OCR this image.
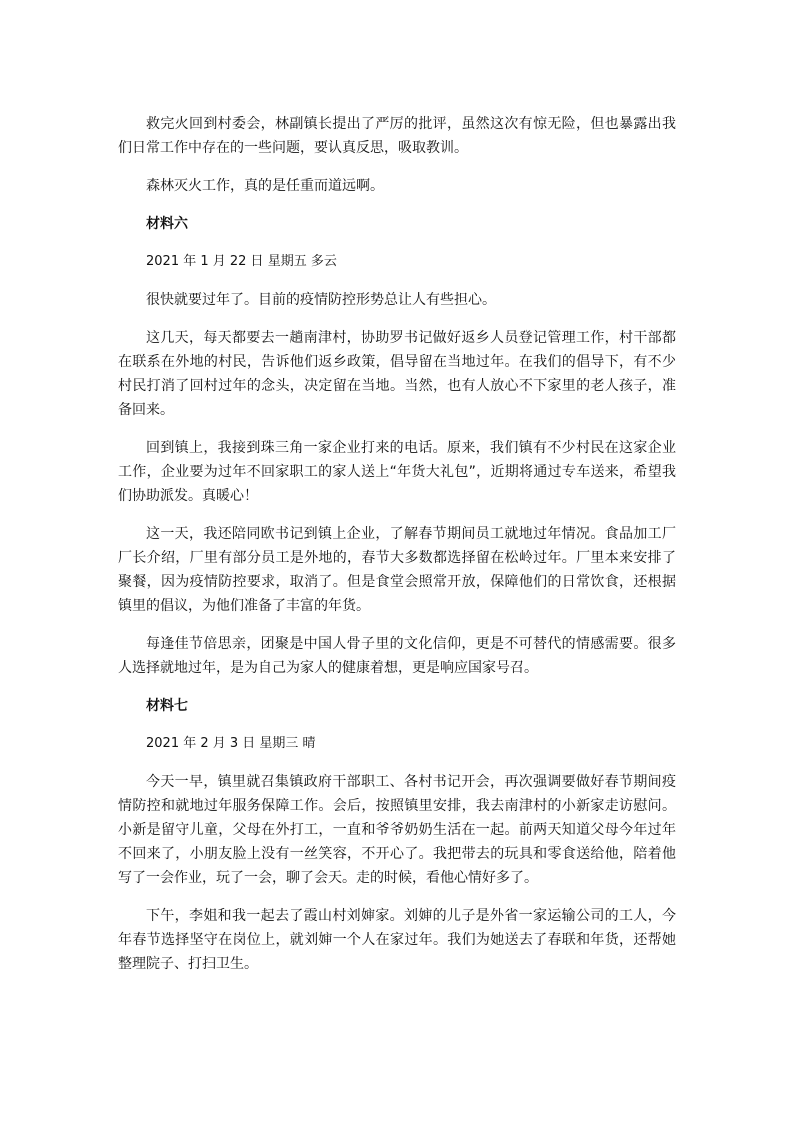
救完火回到村委会，林副镇长提出了严厉的批评，虽然这次有惊无险，但也暴露出我们日常工作中存在的一些问题，要认真反思，吸取教训。

森林灭火工作，真的是任重而道远啊。

材料六

2021 年 1 月 22 日 星期五 多云

很快就要过年了。目前的疫情防控形势总让人有些担心。

这几天，每天都要去一趟南津村，协助罗书记做好返乡人员登记管理工作，村干部都在联系在外地的村民，告诉他们返乡政策，倡导留在当地过年。在我们的倡导下，有不少村民打消了回村过年的念头，决定留在当地。当然，也有人放心不下家里的老人孩子，准备回来。

回到镇上，我接到珠三角一家企业打来的电话。原来，我们镇有不少村民在这家企业工作，企业要为过年不回家职工的家人送上“年货大礼包”，近期将通过专车送来，希望我们协助派发。真暖心！

这一天，我还陪同欧书记到镇上企业，了解春节期间员工就地过年情况。食品加工厂厂长介绍，厂里有部分员工是外地的，春节大多数都选择留在松岭过年。厂里本来安排了聚餐，因为疫情防控要求，取消了。但是食堂会照常开放，保障他们的日常饮食，还根据镇里的倡议，为他们准备了丰富的年货。

每逢佳节倍思亲，团聚是中国人骨子里的文化信仰，更是不可替代的情感需要。很多人选择就地过年，是为自己为家人的健康着想，更是响应国家号召。

材料七

2021 年 2 月 3 日 星期三 晴

今天一早，镇里就召集镇政府干部职工、各村书记开会，再次强调要做好春节期间疫情防控和就地过年服务保障工作。会后，按照镇里安排，我去南津村的小新家走访慰问。小新是留守儿童，父母在外打工，一直和爷爷奶奶生活在一起。前两天知道父母今年过年不回来了，小朋友脸上没有一丝笑容，不开心了。我把带去的玩具和零食送给他，陪着他写了一会作业，玩了一会，聊了会天。走的时候，看他心情好多了。

下午，李姐和我一起去了霞山村刘婶家。刘婶的儿子是外省一家运输公司的工人，今年春节选择坚守在岗位上，就刘婶一个人在家过年。我们为她送去了春联和年货，还帮她整理院子、打扫卫生。
